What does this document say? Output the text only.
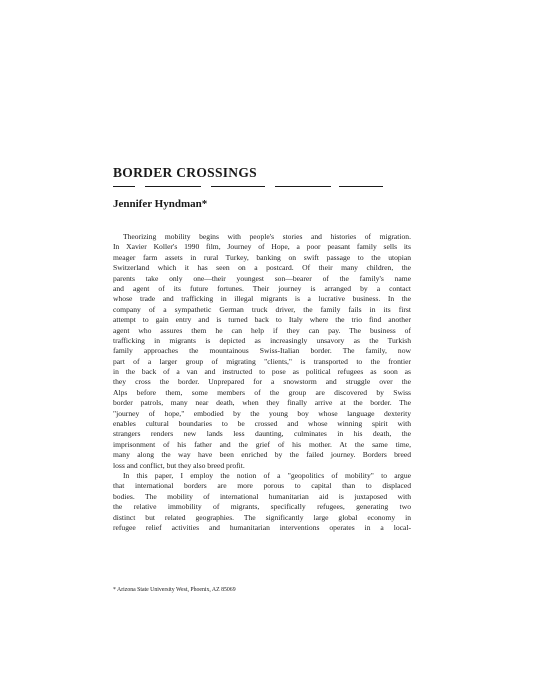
BORDER CROSSINGS
Jennifer Hyndman*
Theorizing mobility begins with people's stories and histories of migration.
In Xavier Koller's 1990 film, Journey of Hope, a poor peasant family sells its
meager farm assets in rural Turkey, banking on swift passage to the utopian
Switzerland which it has seen on a postcard. Of their many children, the
parents take only one—their youngest son—bearer of the family's name
and agent of its future fortunes. Their journey is arranged by a contact
whose trade and trafficking in illegal migrants is a lucrative business. In the
company of a sympathetic German truck driver, the family fails in its first
attempt to gain entry and is turned back to Italy where the trio find another
agent who assures them he can help if they can pay. The business of
trafficking in migrants is depicted as increasingly unsavory as the Turkish
family approaches the mountainous Swiss-Italian border. The family, now
part of a larger group of migrating "clients," is transported to the frontier
in the back of a van and instructed to pose as political refugees as soon as
they cross the border. Unprepared for a snowstorm and struggle over the
Alps before them, some members of the group are discovered by Swiss
border patrols, many near death, when they finally arrive at the border. The
"journey of hope," embodied by the young boy whose language dexterity
enables cultural boundaries to be crossed and whose winning spirit with
strangers renders new lands less daunting, culminates in his death, the
imprisonment of his father and the grief of his mother. At the same time,
many along the way have been enriched by the failed journey. Borders breed
loss and conflict, but they also breed profit.
In this paper, I employ the notion of a "geopolitics of mobility" to argue
that international borders are more porous to capital than to displaced
bodies. The mobility of international humanitarian aid is juxtaposed with
the relative immobility of migrants, specifically refugees, generating two
distinct but related geographies. The significantly large global economy in
refugee relief activities and humanitarian interventions operates in a local-
* Arizona State University West, Phoenix, AZ 85069
